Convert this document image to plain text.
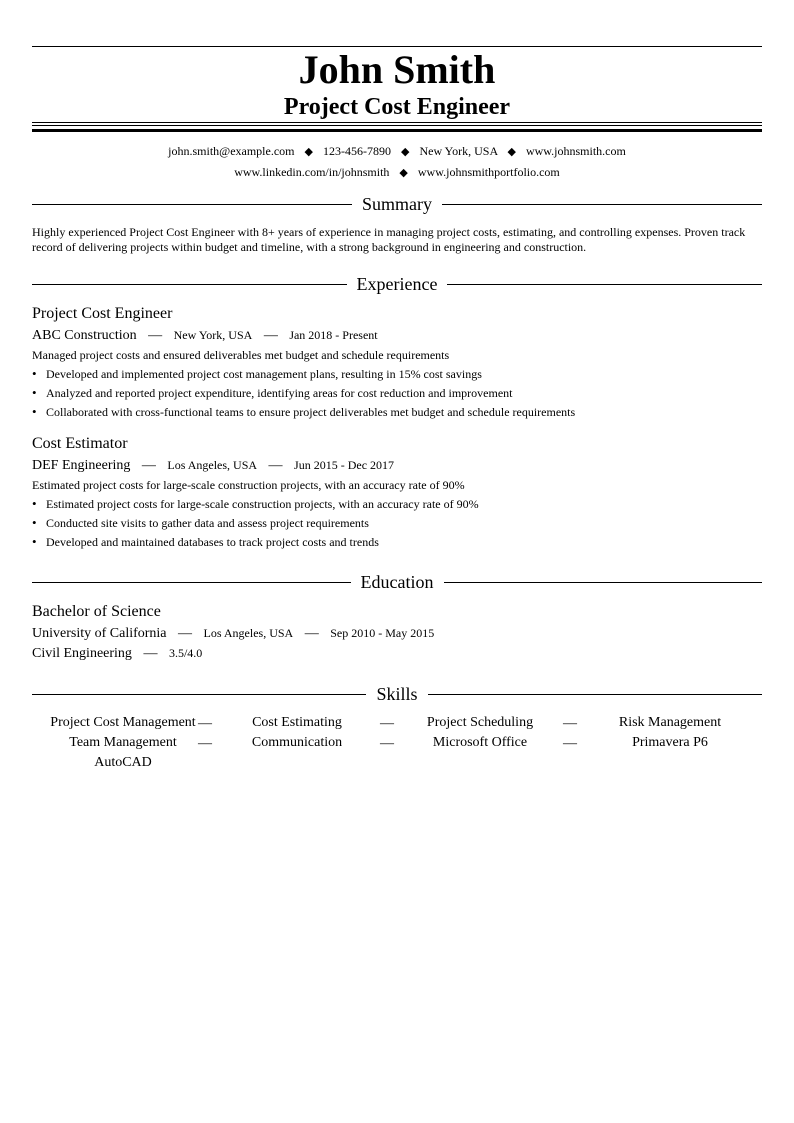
John Smith
Project Cost Engineer
john.smith@example.com ◆ 123-456-7890 ◆ New York, USA ◆ www.johnsmith.com
www.linkedin.com/in/johnsmith ◆ www.johnsmithportfolio.com
Summary
Highly experienced Project Cost Engineer with 8+ years of experience in managing project costs, estimating, and controlling expenses. Proven track record of delivering projects within budget and timeline, with a strong background in engineering and construction.
Experience
Project Cost Engineer
ABC Construction — New York, USA — Jan 2018 - Present
Managed project costs and ensured deliverables met budget and schedule requirements
• Developed and implemented project cost management plans, resulting in 15% cost savings
• Analyzed and reported project expenditure, identifying areas for cost reduction and improvement
• Collaborated with cross-functional teams to ensure project deliverables met budget and schedule requirements
Cost Estimator
DEF Engineering — Los Angeles, USA — Jun 2015 - Dec 2017
Estimated project costs for large-scale construction projects, with an accuracy rate of 90%
• Estimated project costs for large-scale construction projects, with an accuracy rate of 90%
• Conducted site visits to gather data and assess project requirements
• Developed and maintained databases to track project costs and trends
Education
Bachelor of Science
University of California — Los Angeles, USA — Sep 2010 - May 2015
Civil Engineering — 3.5/4.0
Skills
Project Cost Management —	Cost Estimating	—	Project Scheduling	—	Risk Management
Team Management	—	Communication	—	Microsoft Office	—	Primavera P6
AutoCAD
